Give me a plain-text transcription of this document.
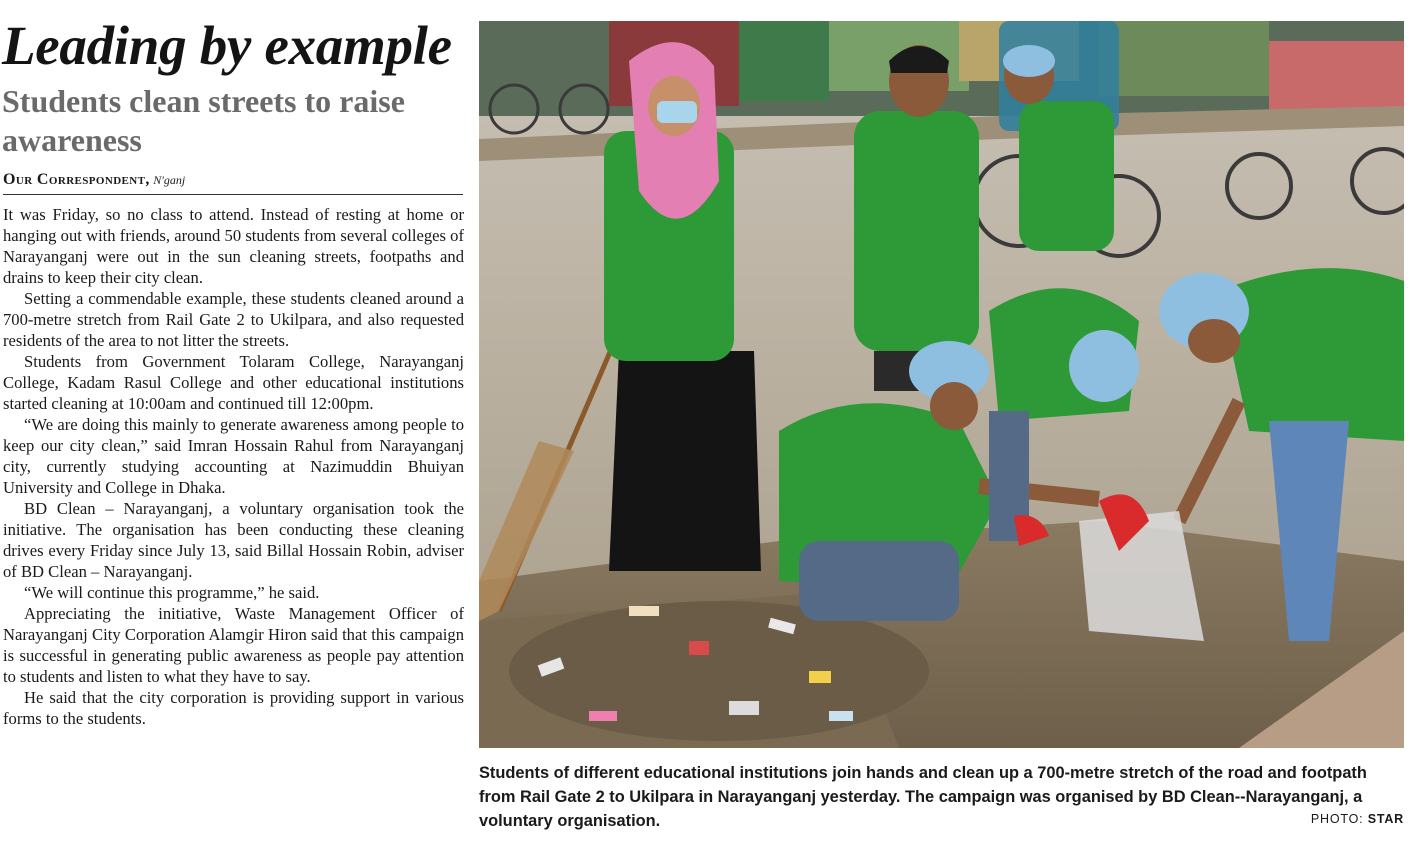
Leading by example
Students clean streets to raise awareness
Our Correspondent, N'ganj

It was Friday, so no class to attend. Instead of resting at home or hanging out with friends, around 50 students from several colleges of Narayanganj were out in the sun cleaning streets, footpaths and drains to keep their city clean.

Setting a commendable example, these students cleaned around a 700-metre stretch from Rail Gate 2 to Ukilpara, and also requested residents of the area to not litter the streets.

Students from Government Tolaram College, Narayanganj College, Kadam Rasul College and other educational institutions started cleaning at 10:00am and continued till 12:00pm.

“We are doing this mainly to generate awareness among people to keep our city clean,” said Imran Hossain Rahul from Narayanganj city, currently studying accounting at Nazimuddin Bhuiyan University and College in Dhaka.

BD Clean – Narayanganj, a voluntary organisation took the initiative. The organisation has been conducting these cleaning drives every Friday since July 13, said Billal Hossain Robin, adviser of BD Clean – Narayanganj.

“We will continue this programme,” he said.

Appreciating the initiative, Waste Management Officer of Narayanganj City Corporation Alamgir Hiron said that this campaign is successful in generating public awareness as people pay attention to students and listen to what they have to say.

He said that the city corporation is providing support in various forms to the students.

Students of different educational institutions join hands and clean up a 700-metre stretch of the road and footpath from Rail Gate 2 to Ukilpara in Narayanganj yesterday. The campaign was organised by BD Clean--Narayanganj, a voluntary organisation.	PHOTO: STAR
